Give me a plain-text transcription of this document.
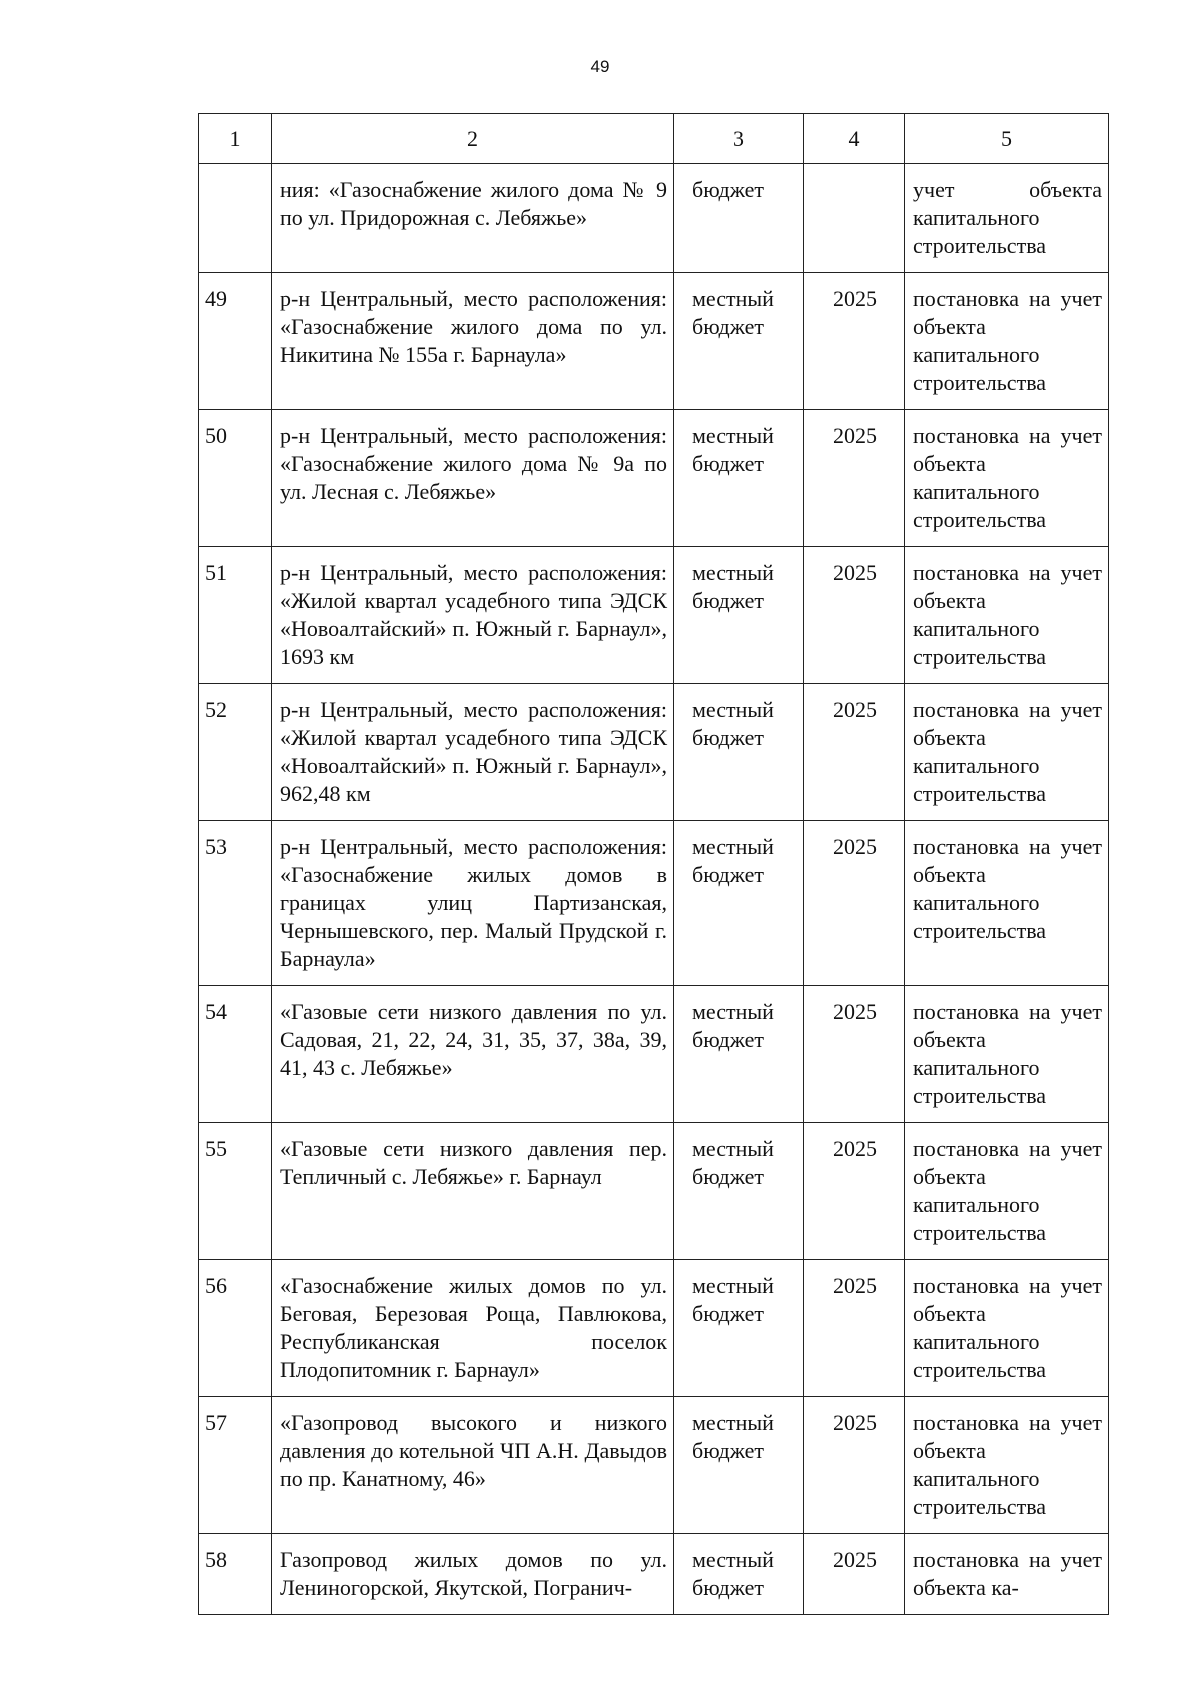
49
1	2	3	4	5
	ния: «Газоснабжение жилого дома № 9 по ул. Придорожная с. Лебяжье»	бюджет		учет объекта капитального строительства
49	р-н Центральный, место расположения: «Газоснабжение жилого дома по ул. Никитина № 155а г. Барнаула»	местный бюджет	2025	постановка на учет объекта капитального строительства
50	р-н Центральный, место расположения: «Газоснабжение жилого дома № 9а по ул. Лесная с. Лебяжье»	местный бюджет	2025	постановка на учет объекта капитального строительства
51	р-н Центральный, место расположения: «Жилой квартал усадебного типа ЭДСК «Новоалтайский» п. Южный г. Барнаул», 1693 км	местный бюджет	2025	постановка на учет объекта капитального строительства
52	р-н Центральный, место расположения: «Жилой квартал усадебного типа ЭДСК «Новоалтайский» п. Южный г. Барнаул», 962,48 км	местный бюджет	2025	постановка на учет объекта капитального строительства
53	р-н Центральный, место расположения: «Газоснабжение жилых домов в границах улиц Партизанская, Чернышевского, пер. Малый Прудской г. Барнаула»	местный бюджет	2025	постановка на учет объекта капитального строительства
54	«Газовые сети низкого давления по ул. Садовая, 21, 22, 24, 31, 35, 37, 38а, 39, 41, 43 с. Лебяжье»	местный бюджет	2025	постановка на учет объекта капитального строительства
55	«Газовые сети низкого давления пер. Тепличный с. Лебяжье» г. Барнаул	местный бюджет	2025	постановка на учет объекта капитального строительства
56	«Газоснабжение жилых домов по ул. Беговая, Березовая Роща, Павлюкова, Республиканская поселок Плодопитомник г. Барнаул»	местный бюджет	2025	постановка на учет объекта капитального строительства
57	«Газопровод высокого и низкого давления до котельной ЧП А.Н. Давыдов по пр. Канатному, 46»	местный бюджет	2025	постановка на учет объекта капитального строительства
58	Газопровод жилых домов по ул. Лениногорской, Якутской, Погранич-	местный бюджет	2025	постановка на учет объекта ка-
